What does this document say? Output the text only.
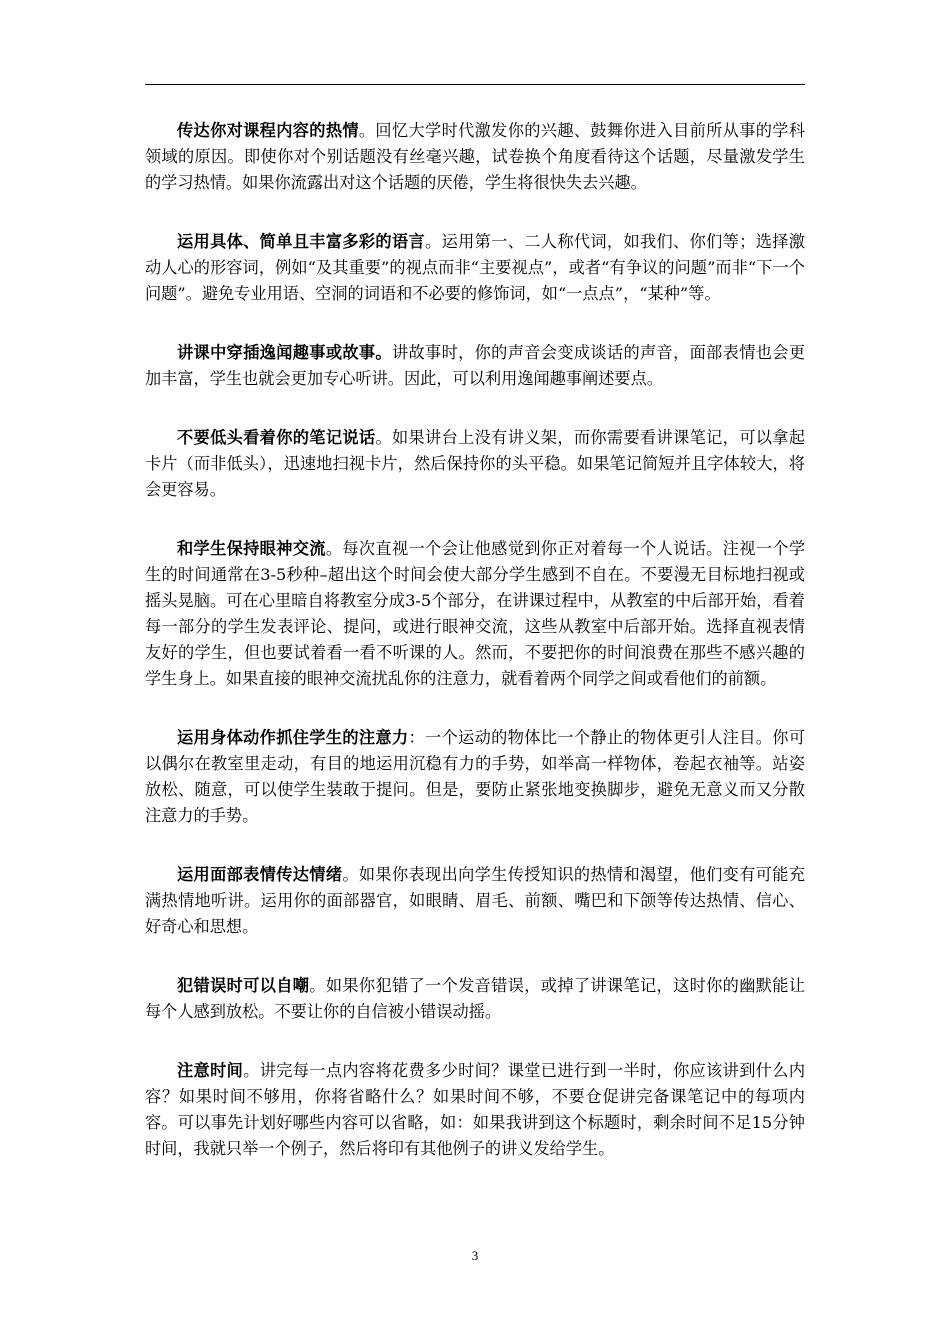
传达你对课程内容的热情。回忆大学时代激发你的兴趣、鼓舞你进入目前所从事的学科领域的原因。即使你对个别话题没有丝毫兴趣，试卷换个角度看待这个话题，尽量激发学生的学习热情。如果你流露出对这个话题的厌倦，学生将很快失去兴趣。

运用具体、简单且丰富多彩的语言。运用第一、二人称代词，如我们、你们等；选择激动人心的形容词，例如“及其重要”的视点而非“主要视点”，或者“有争议的问题”而非“下一个问题”。避免专业用语、空洞的词语和不必要的修饰词，如“一点点”，“某种”等。

讲课中穿插逸闻趣事或故事。讲故事时，你的声音会变成谈话的声音，面部表情也会更加丰富，学生也就会更加专心听讲。因此，可以利用逸闻趣事阐述要点。

不要低头看着你的笔记说话。如果讲台上没有讲义架，而你需要看讲课笔记，可以拿起卡片（而非低头），迅速地扫视卡片，然后保持你的头平稳。如果笔记简短并且字体较大，将会更容易。

和学生保持眼神交流。每次直视一个会让他感觉到你正对着每一个人说话。注视一个学生的时间通常在3-5秒种–超出这个时间会使大部分学生感到不自在。不要漫无目标地扫视或摇头晃脑。可在心里暗自将教室分成3-5个部分，在讲课过程中，从教室的中后部开始，看着每一部分的学生发表评论、提问，或进行眼神交流，这些从教室中后部开始。选择直视表情友好的学生，但也要试着看一看不听课的人。然而，不要把你的时间浪费在那些不感兴趣的学生身上。如果直接的眼神交流扰乱你的注意力，就看着两个同学之间或看他们的前额。

运用身体动作抓住学生的注意力：一个运动的物体比一个静止的物体更引人注目。你可以偶尔在教室里走动，有目的地运用沉稳有力的手势，如举高一样物体，卷起衣袖等。站姿放松、随意，可以使学生装敢于提问。但是，要防止紧张地变换脚步，避免无意义而又分散注意力的手势。

运用面部表情传达情绪。如果你表现出向学生传授知识的热情和渴望，他们变有可能充满热情地听讲。运用你的面部器官，如眼睛、眉毛、前额、嘴巴和下颌等传达热情、信心、好奇心和思想。

犯错误时可以自嘲。如果你犯错了一个发音错误，或掉了讲课笔记，这时你的幽默能让每个人感到放松。不要让你的自信被小错误动摇。

注意时间。讲完每一点内容将花费多少时间？课堂已进行到一半时，你应该讲到什么内容？如果时间不够用，你将省略什么？如果时间不够，不要仓促讲完备课笔记中的每项内容。可以事先计划好哪些内容可以省略，如：如果我讲到这个标题时，剩余时间不足15分钟时间，我就只举一个例子，然后将印有其他例子的讲义发给学生。

3
